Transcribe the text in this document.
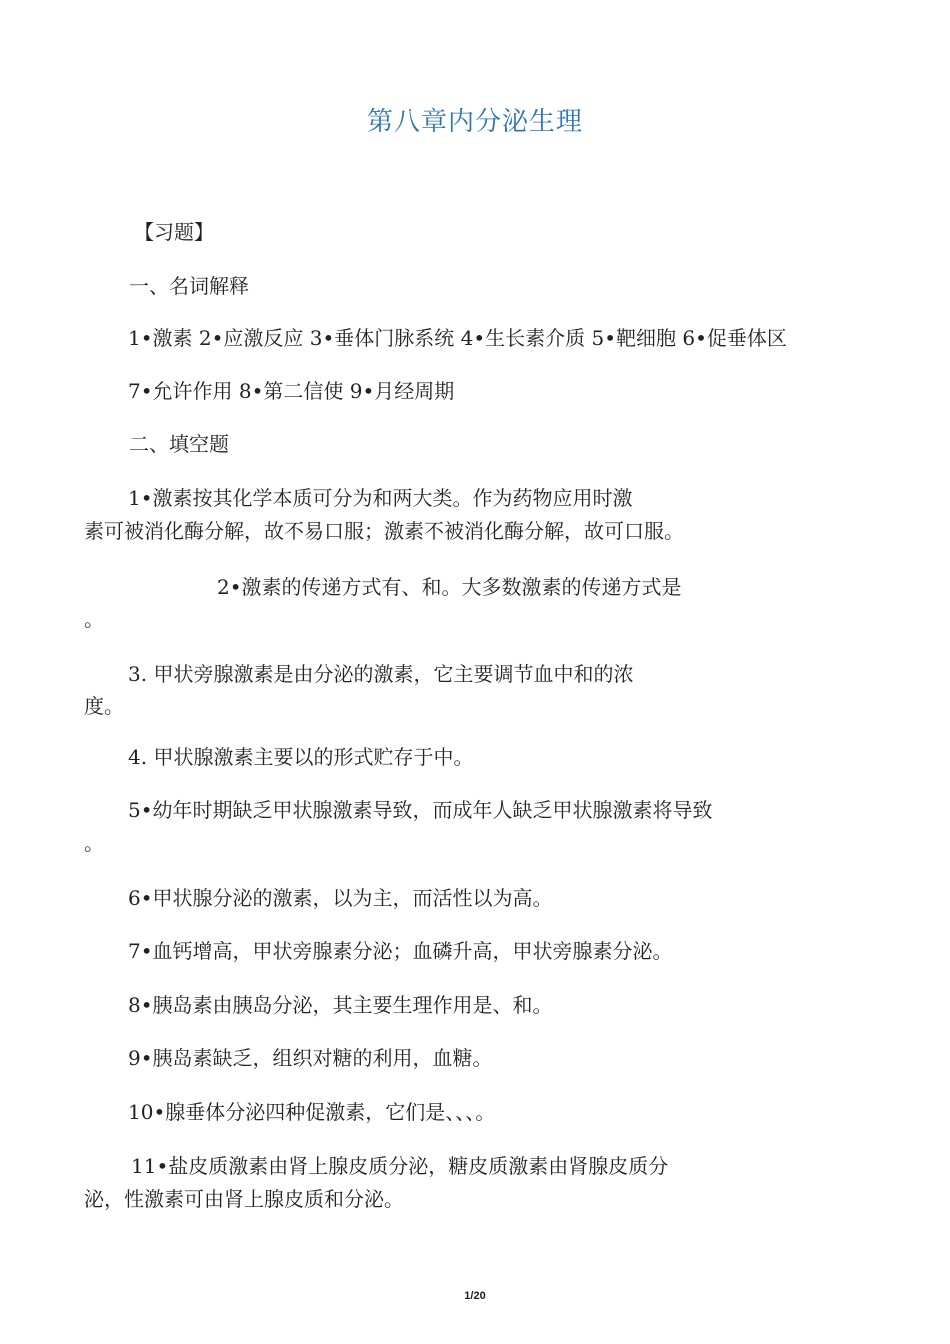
第八章内分泌生理
【习题】
一、名词解释
1•激素 2•应激反应 3•垂体门脉系统 4•生长素介质 5•靶细胞 6•促垂体区
7•允许作用 8•第二信使 9•月经周期
二、填空题
1•激素按其化学本质可分为和两大类。作为药物应用时激
素可被消化酶分解，故不易口服；激素不被消化酶分解，故可口服。
2•激素的传递方式有、和。大多数激素的传递方式是
。
3. 甲状旁腺激素是由分泌的激素，它主要调节血中和的浓
度。
4. 甲状腺激素主要以的形式贮存于中。
5•幼年时期缺乏甲状腺激素导致，而成年人缺乏甲状腺激素将导致
。
6•甲状腺分泌的激素，以为主，而活性以为高。
7•血钙增高，甲状旁腺素分泌；血磷升高，甲状旁腺素分泌。
8•胰岛素由胰岛分泌，其主要生理作用是、和。
9•胰岛素缺乏，组织对糖的利用，血糖。
10•腺垂体分泌四种促激素，它们是、、、。
11•盐皮质激素由肾上腺皮质分泌，糖皮质激素由肾腺皮质分
泌，性激素可由肾上腺皮质和分泌。
1/20
